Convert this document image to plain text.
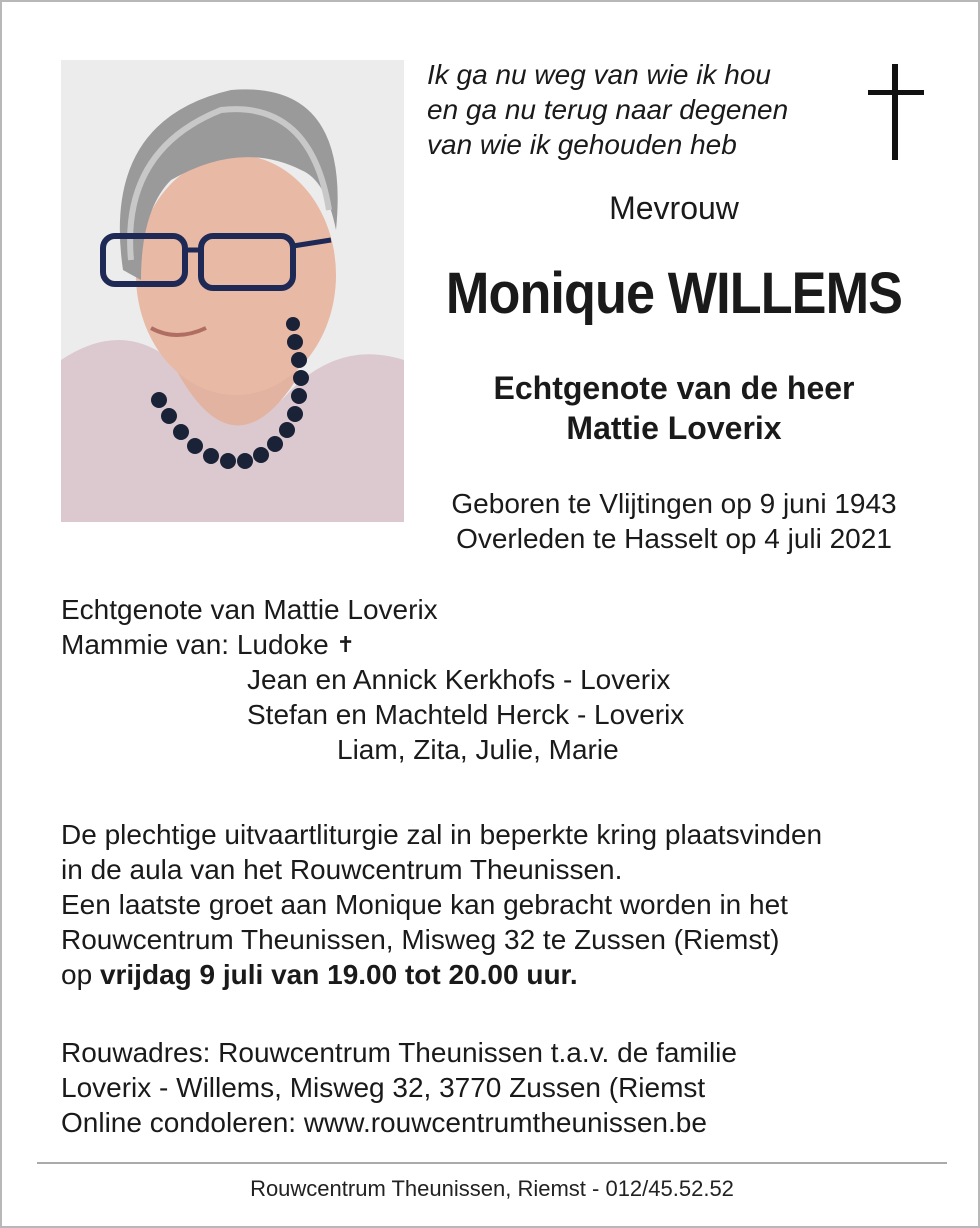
Ik ga nu weg van wie ik hou
en ga nu terug naar degenen
van wie ik gehouden heb
Mevrouw
Monique WILLEMS
Echtgenote van de heer
Mattie Loverix
Geboren te Vlijtingen op 9 juni 1943
Overleden te Hasselt op 4 juli 2021
Echtgenote van Mattie Loverix
Mammie van: Ludoke ✝
Jean en Annick Kerkhofs - Loverix
Stefan en Machteld Herck - Loverix
Liam, Zita, Julie, Marie
De plechtige uitvaartliturgie zal in beperkte kring plaatsvinden
in de aula van het Rouwcentrum Theunissen.
Een laatste groet aan Monique kan gebracht worden in het
Rouwcentrum Theunissen, Misweg 32 te Zussen (Riemst)
op vrijdag 9 juli van 19.00 tot 20.00 uur.
Rouwadres: Rouwcentrum Theunissen t.a.v. de familie
Loverix - Willems, Misweg 32, 3770 Zussen (Riemst
Online condoleren: www.rouwcentrumtheunissen.be
Rouwcentrum Theunissen, Riemst - 012/45.52.52
